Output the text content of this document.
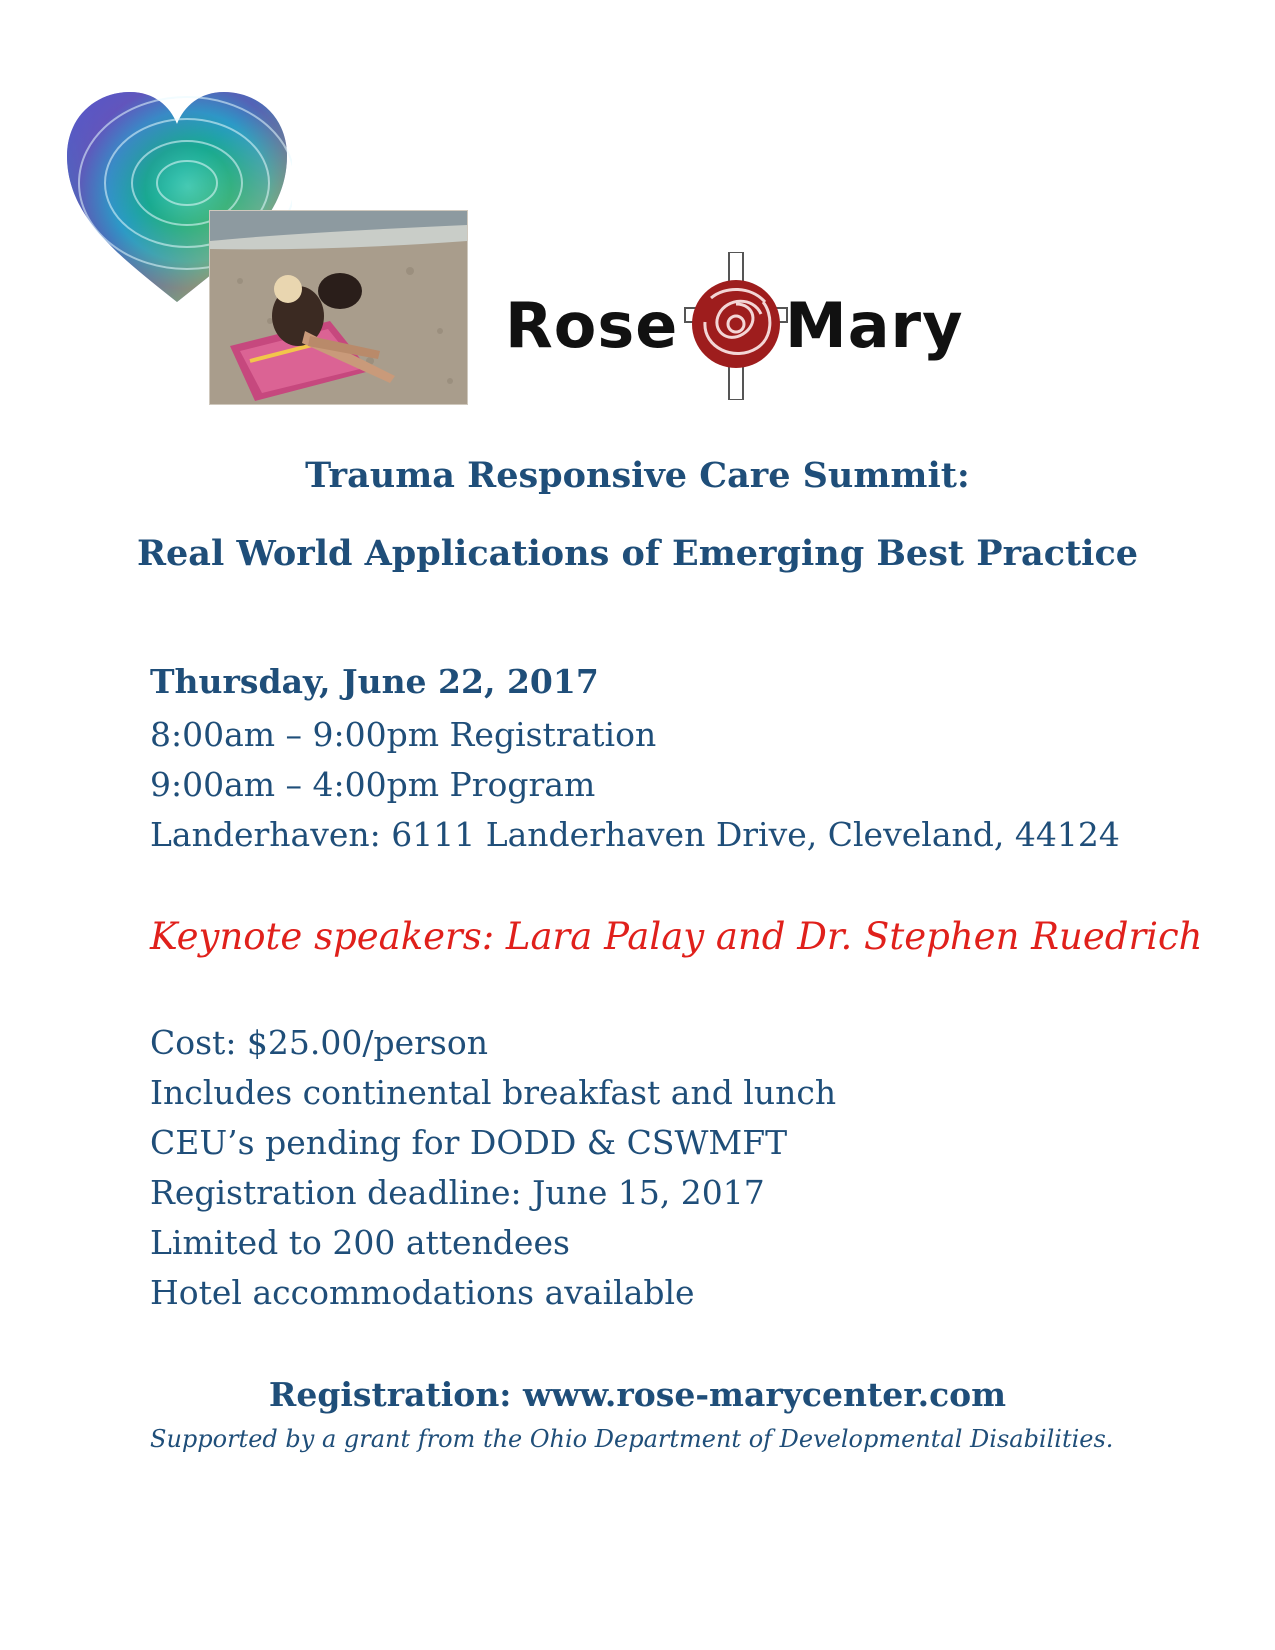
Rose Mary
Trauma Responsive Care Summit:
Real World Applications of Emerging Best Practice
Thursday, June 22, 2017
8:00am – 9:00pm Registration
9:00am – 4:00pm Program
Landerhaven: 6111 Landerhaven Drive, Cleveland, 44124
Keynote speakers: Lara Palay and Dr. Stephen Ruedrich
Cost: $25.00/person
Includes continental breakfast and lunch
CEU’s pending for DODD & CSWMFT
Registration deadline: June 15, 2017
Limited to 200 attendees
Hotel accommodations available
Registration: www.rose-marycenter.com
Supported by a grant from the Ohio Department of Developmental Disabilities.
